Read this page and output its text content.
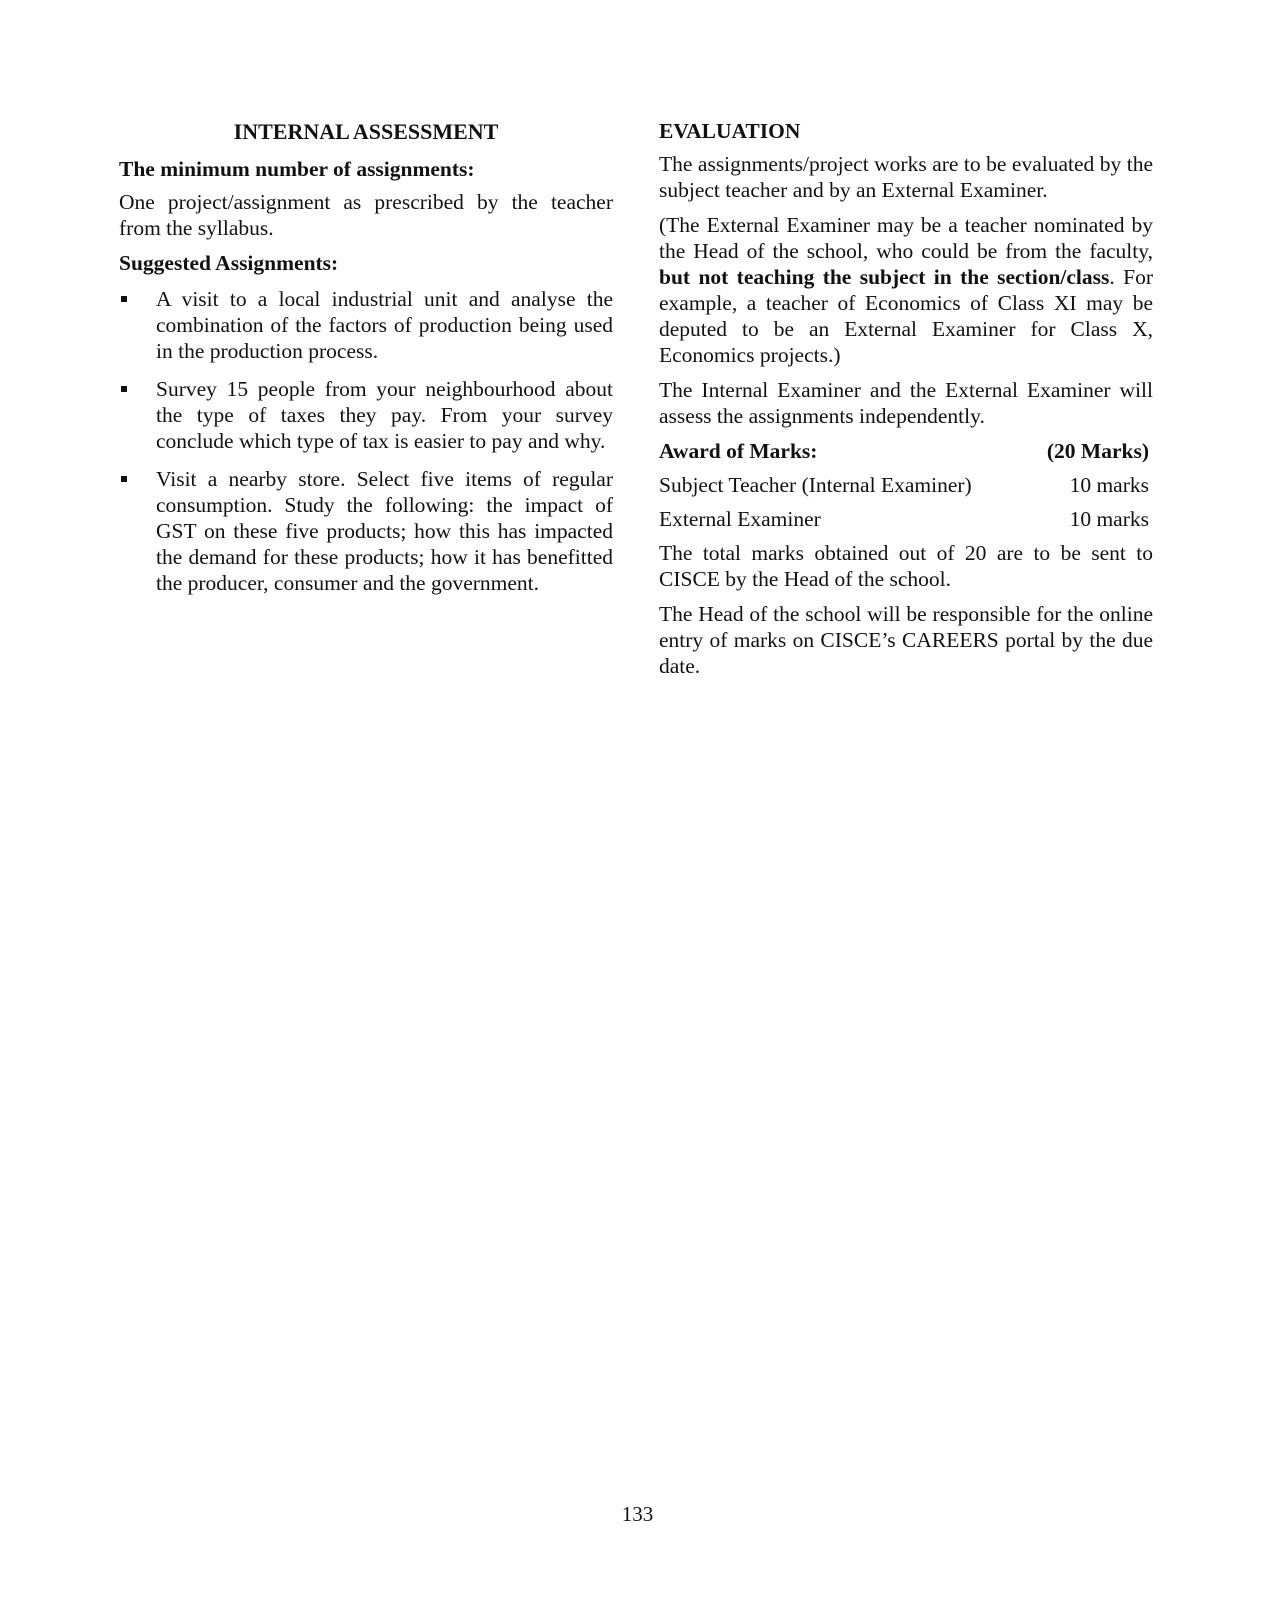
INTERNAL ASSESSMENT
The minimum number of assignments:

One project/assignment as prescribed by the teacher from the syllabus.

Suggested Assignments:
A visit to a local industrial unit and analyse the combination of the factors of production being used in the production process.
Survey 15 people from your neighbourhood about the type of taxes they pay. From your survey conclude which type of tax is easier to pay and why.
Visit a nearby store. Select five items of regular consumption. Study the following: the impact of GST on these five products; how this has impacted the demand for these products; how it has benefitted the producer, consumer and the government.
EVALUATION

The assignments/project works are to be evaluated by the subject teacher and by an External Examiner.

(The External Examiner may be a teacher nominated by the Head of the school, who could be from the faculty, but not teaching the subject in the section/class. For example, a teacher of Economics of Class XI may be deputed to be an External Examiner for Class X, Economics projects.)

The Internal Examiner and the External Examiner will assess the assignments independently.

Award of Marks:	(20 Marks)
Subject Teacher (Internal Examiner)	10 marks
External Examiner	10 marks

The total marks obtained out of 20 are to be sent to CISCE by the Head of the school.

The Head of the school will be responsible for the online entry of marks on CISCE’s CAREERS portal by the due date.

133
